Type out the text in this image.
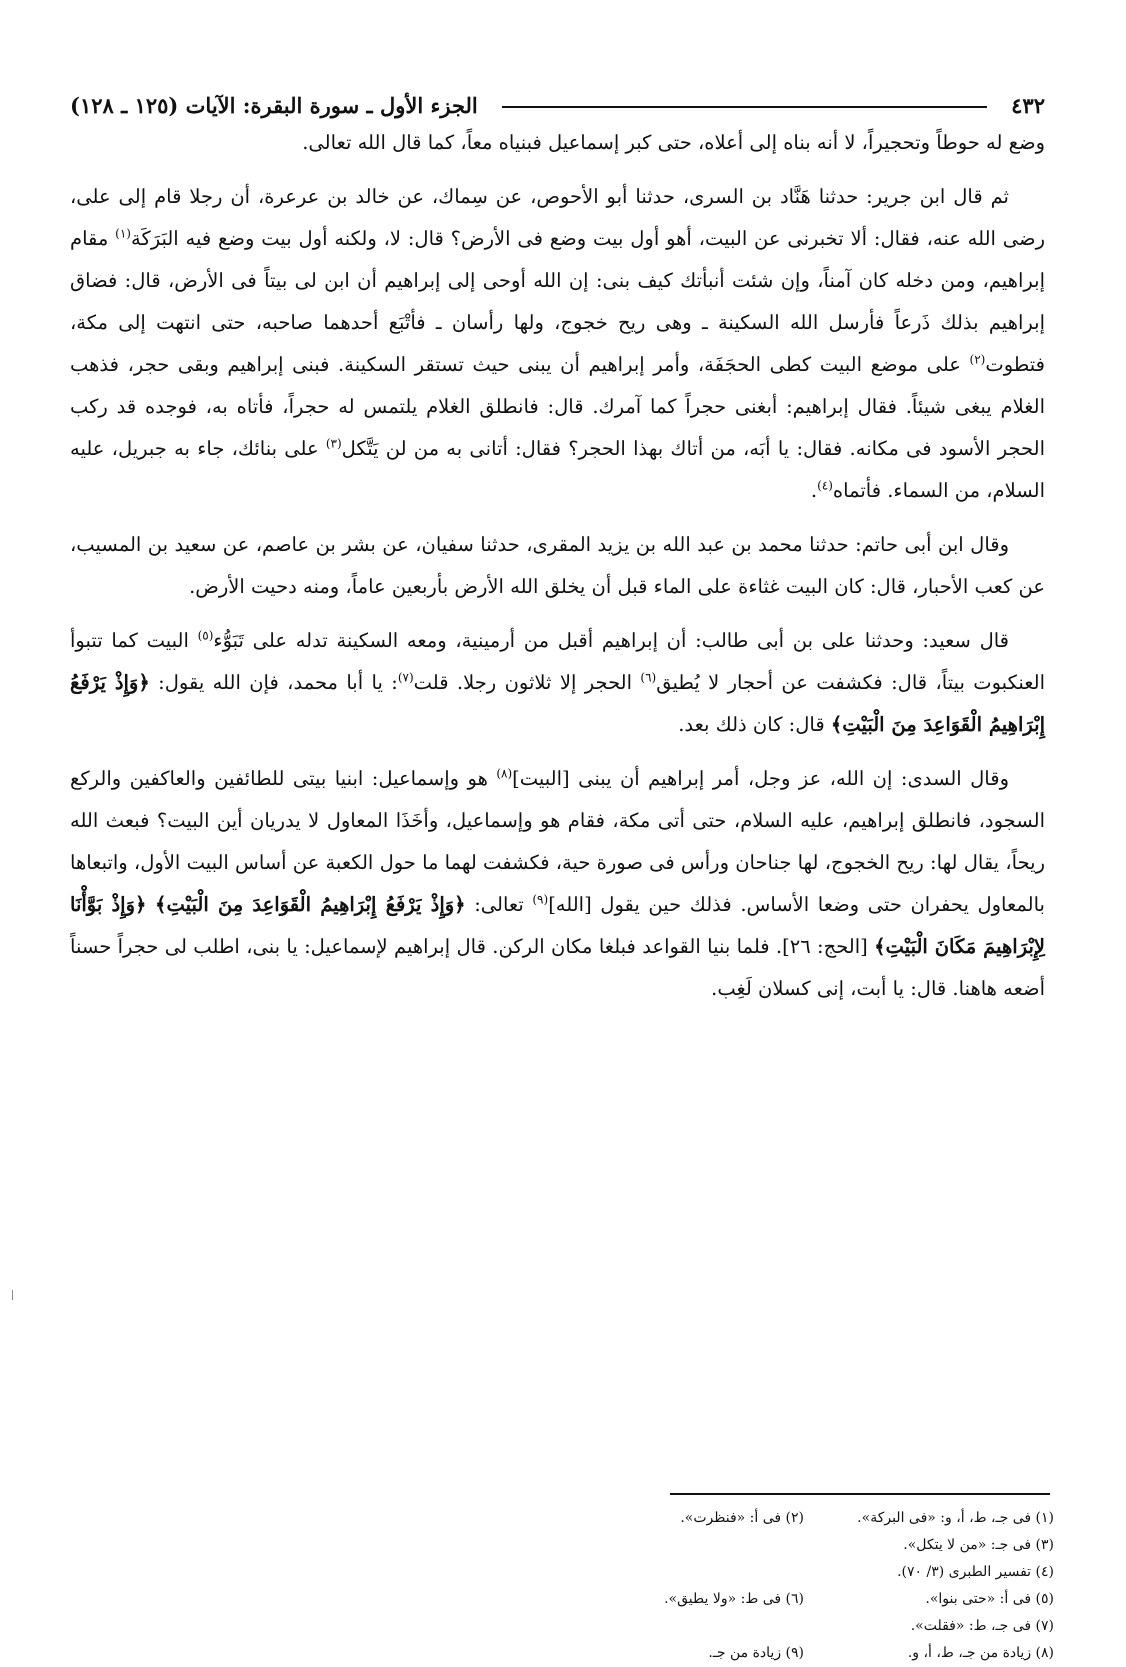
٤٣٢
الجزء الأول ـ سورة البقرة: الآيات (١٢٥ ـ ١٢٨)

وضع له حوطاً وتحجيراً، لا أنه بناه إلى أعلاه، حتى كبر إسماعيل فبنياه معاً، كما قال الله تعالى.

ثم قال ابن جرير: حدثنا هَنَّاد بن السرى، حدثنا أبو الأحوص، عن سِماك، عن خالد بن عرعرة، أن رجلا قام إلى على، رضى الله عنه، فقال: ألا تخبرنى عن البيت، أهو أول بيت وضع فى الأرض؟ قال: لا، ولكنه أول بيت وضع فيه البَرَكَة$^{(١)}$ مقام إبراهيم، ومن دخله كان آمناً، وإن شئت أنبأتك كيف بنى: إن الله أوحى إلى إبراهيم أن ابن لى بيتاً فى الأرض، قال: فضاق إبراهيم بذلك ذَرعاً فأرسل الله السكينة ـ وهى ريح خجوج، ولها رأسان ـ فأتْبَع أحدهما صاحبه، حتى انتهت إلى مكة، فتطوت$^{(٢)}$ على موضع البيت كطى الحجَفَة، وأمر إبراهيم أن يبنى حيث تستقر السكينة. فبنى إبراهيم وبقى حجر، فذهب الغلام يبغى شيئاً. فقال إبراهيم: أبغنى حجراً كما آمرك. قال: فانطلق الغلام يلتمس له حجراً، فأتاه به، فوجده قد ركب الحجر الأسود فى مكانه. فقال: يا أبَه، من أتاك بهذا الحجر؟ فقال: أتانى به من لن يَتَّكل$^{(٣)}$ على بنائك، جاء به جبريل، عليه السلام، من السماء. فأتماه$^{(٤)}$.

وقال ابن أبى حاتم: حدثنا محمد بن عبد الله بن يزيد المقرى، حدثنا سفيان، عن بشر بن عاصم، عن سعيد بن المسيب، عن كعب الأحبار، قال: كان البيت غثاءة على الماء قبل أن يخلق الله الأرض بأربعين عاماً، ومنه دحيت الأرض.

قال سعيد: وحدثنا على بن أبى طالب: أن إبراهيم أقبل من أرمينية، ومعه السكينة تدله على تَبَوُّء$^{(٥)}$ البيت كما تتبوأ العنكبوت بيتاً، قال: فكشفت عن أحجار لا يُطيق$^{(٦)}$ الحجر إلا ثلاثون رجلا. قلت$^{(٧)}$: يا أبا محمد، فإن الله يقول: ﴿وَإِذْ يَرْفَعُ إِبْرَاهِيمُ الْقَوَاعِدَ مِنَ الْبَيْتِ﴾ قال: كان ذلك بعد.

وقال السدى: إن الله، عز وجل، أمر إبراهيم أن يبنى [البيت]$^{(٨)}$ هو وإسماعيل: ابنيا بيتى للطائفين والعاكفين والركع السجود، فانطلق إبراهيم، عليه السلام، حتى أتى مكة، فقام هو وإسماعيل، وأخَذَا المعاول لا يدريان أين البيت؟ فبعث الله ريحاً، يقال لها: ريح الخجوج، لها جناحان ورأس فى صورة حية، فكشفت لهما ما حول الكعبة عن أساس البيت الأول، واتبعاها بالمعاول يحفران حتى وضعا الأساس. فذلك حين يقول [الله]$^{(٩)}$ تعالى: ﴿وَإِذْ يَرْفَعُ إِبْرَاهِيمُ الْقَوَاعِدَ مِنَ الْبَيْتِ﴾ ﴿وَإِذْ بَوَّأْنَا لِإِبْرَاهِيمَ مَكَانَ الْبَيْتِ﴾ [الحج: ٢٦]. فلما بنيا القواعد فبلغا مكان الركن. قال إبراهيم لإسماعيل: يا بنى، اطلب لى حجراً حسناً أضعه هاهنا. قال: يا أبت، إنى كسلان لَغِب.

(١) فى جـ، ط، أ، و: «فى البركة».
(٢) فى أ: «فنظرت».
(٣) فى جـ: «من لا يتكل».
(٤) تفسير الطبرى (٣/ ٧٠).
(٥) فى أ: «حتى بنوا».
(٦) فى ط: «ولا يطيق».
(٧) فى جـ، ط: «فقلت».
(٨) زيادة من جـ، ط، أ، و.
(٩) زيادة من جـ.
